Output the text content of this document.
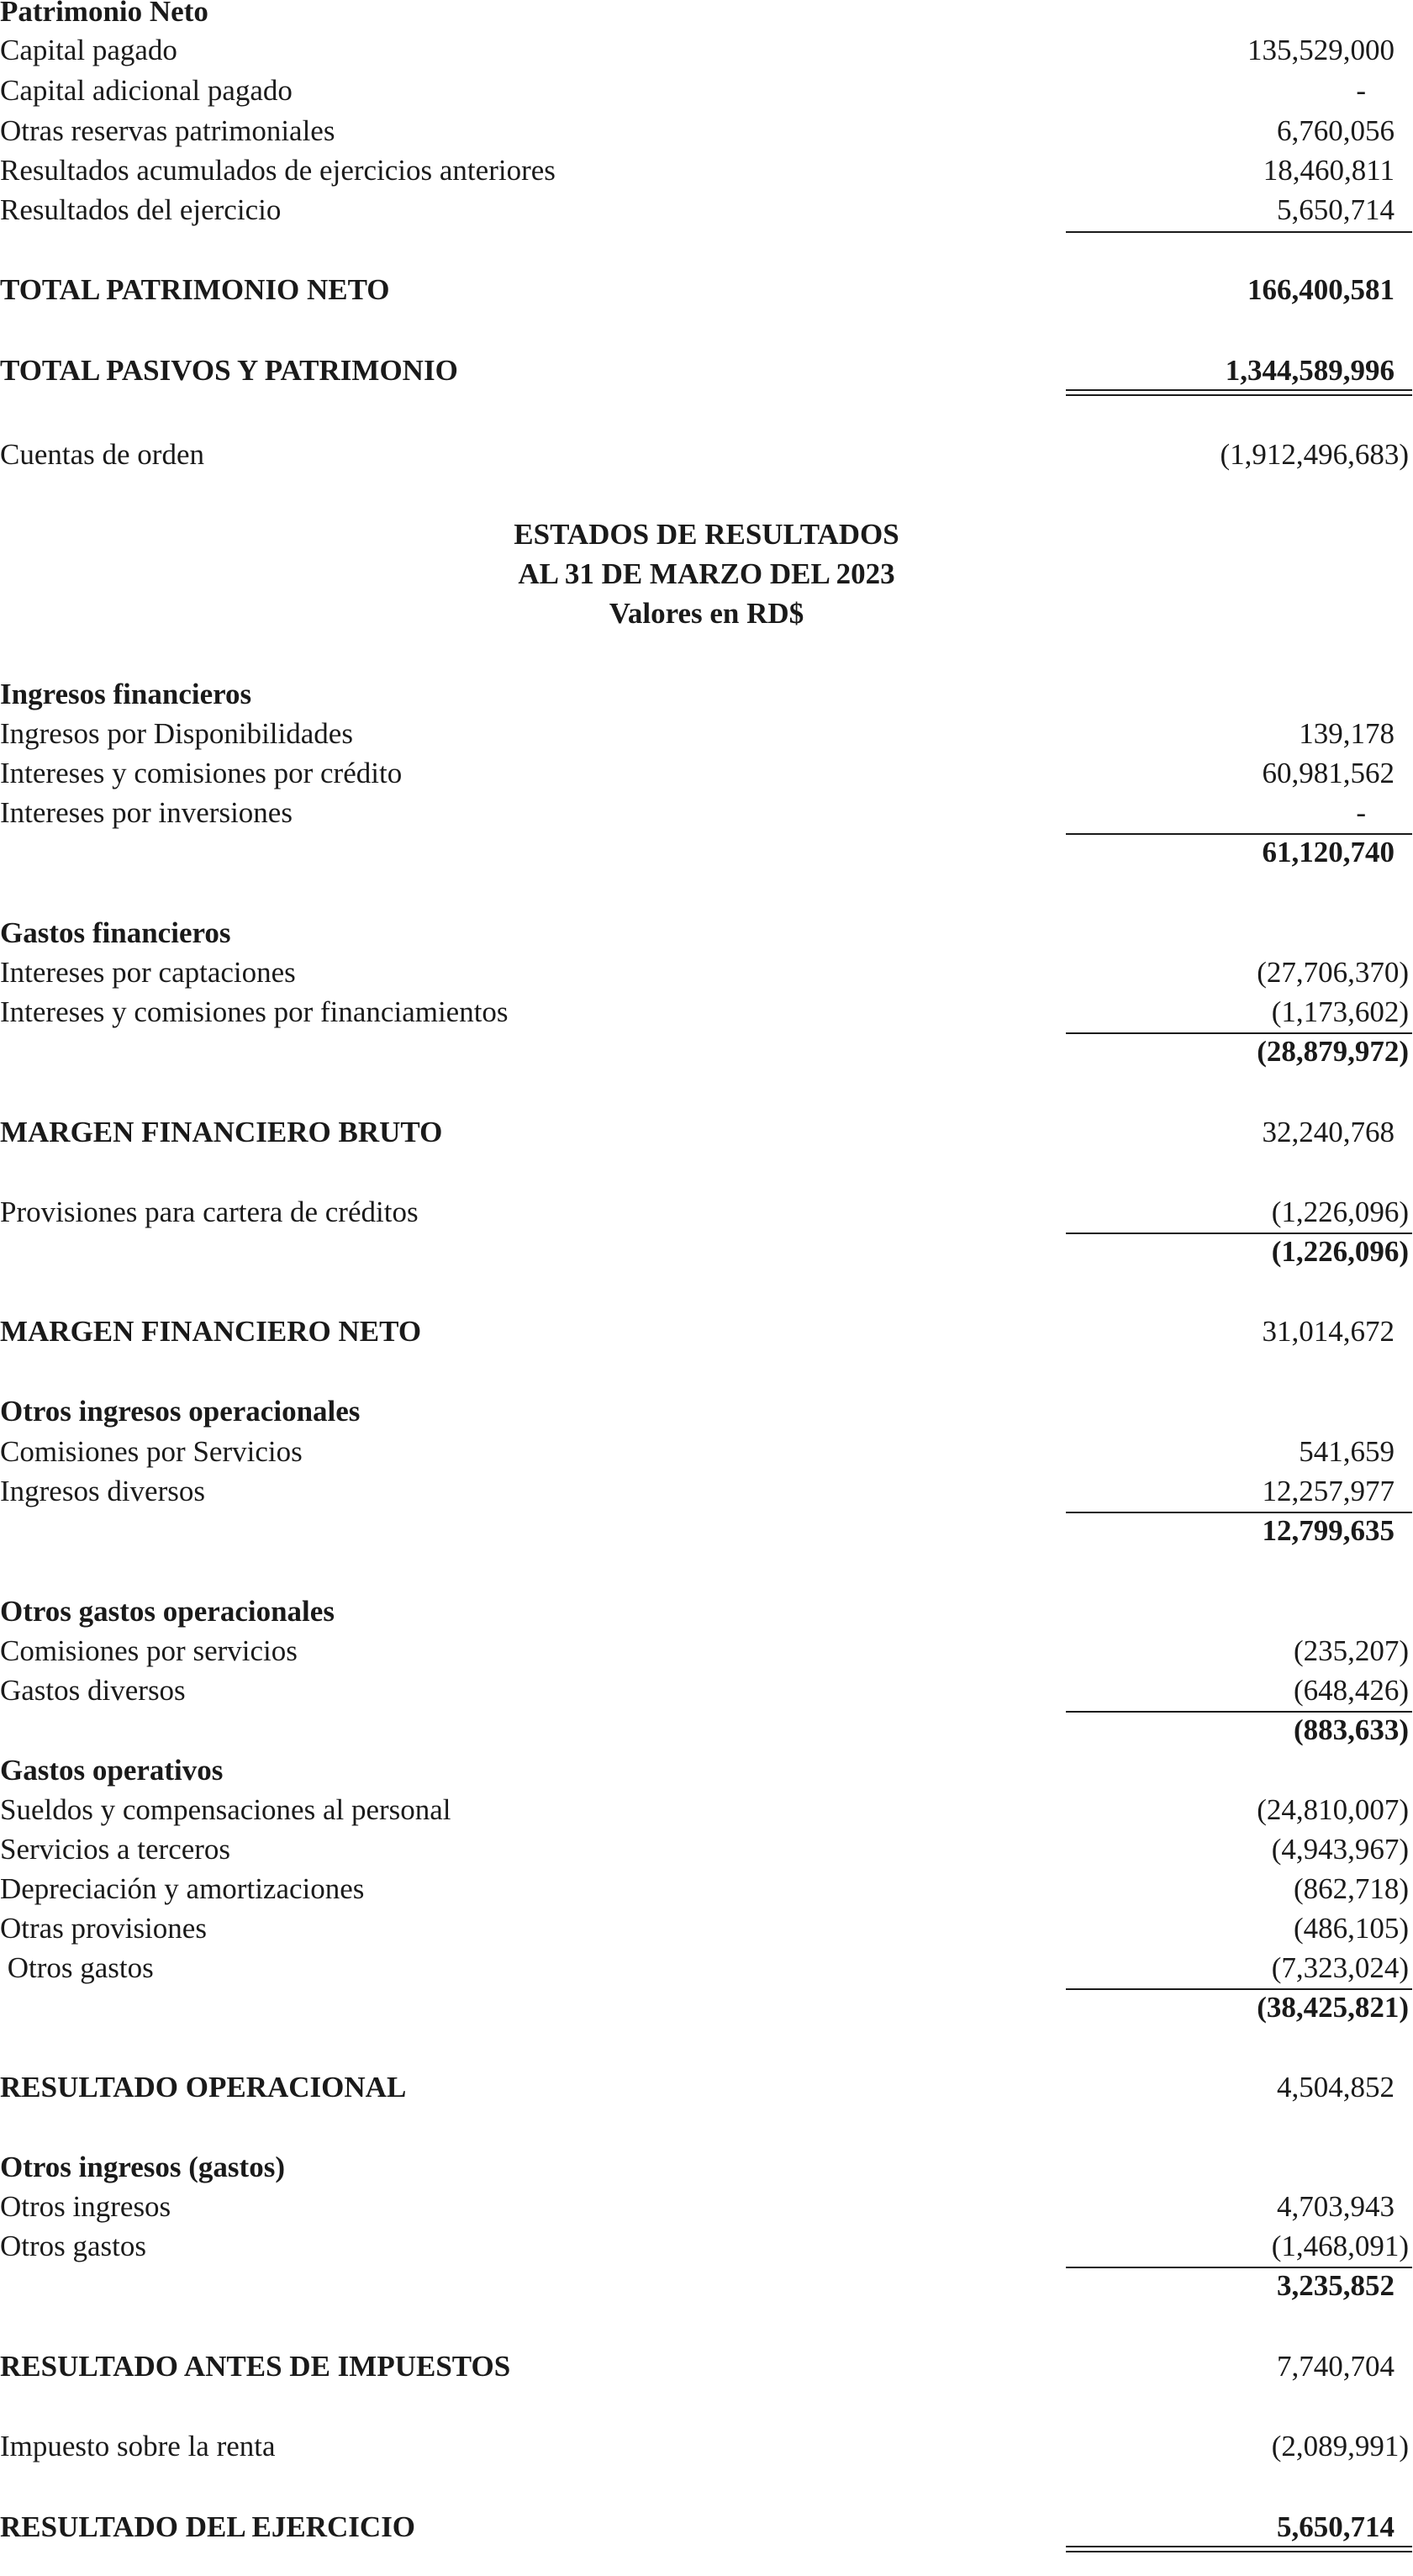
Patrimonio Neto
Capital pagado	135,529,000
Capital adicional pagado	-
Otras reservas patrimoniales	6,760,056
Resultados acumulados de ejercicios anteriores	18,460,811
Resultados del ejercicio	5,650,714
TOTAL PATRIMONIO NETO	166,400,581
TOTAL PASIVOS Y PATRIMONIO	1,344,589,996
Cuentas de orden	(1,912,496,683)
ESTADOS DE RESULTADOS
AL 31 DE MARZO DEL 2023
Valores en RD$
Ingresos financieros
Ingresos por Disponibilidades	139,178
Intereses y comisiones por crédito	60,981,562
Intereses por inversiones	-
61,120,740
Gastos financieros
Intereses por captaciones	(27,706,370)
Intereses y comisiones por financiamientos	(1,173,602)
(28,879,972)
MARGEN FINANCIERO BRUTO	32,240,768
Provisiones para cartera de créditos	(1,226,096)
(1,226,096)
MARGEN FINANCIERO NETO	31,014,672
Otros ingresos operacionales
Comisiones por Servicios	541,659
Ingresos diversos	12,257,977
12,799,635
Otros gastos operacionales
Comisiones por servicios	(235,207)
Gastos diversos	(648,426)
(883,633)
Gastos operativos
Sueldos y compensaciones al personal	(24,810,007)
Servicios a terceros	(4,943,967)
Depreciación y amortizaciones	(862,718)
Otras provisiones	(486,105)
Otros gastos	(7,323,024)
(38,425,821)
RESULTADO OPERACIONAL	4,504,852
Otros ingresos (gastos)
Otros ingresos	4,703,943
Otros gastos	(1,468,091)
3,235,852
RESULTADO ANTES DE IMPUESTOS	7,740,704
Impuesto sobre la renta	(2,089,991)
RESULTADO DEL EJERCICIO	5,650,714
